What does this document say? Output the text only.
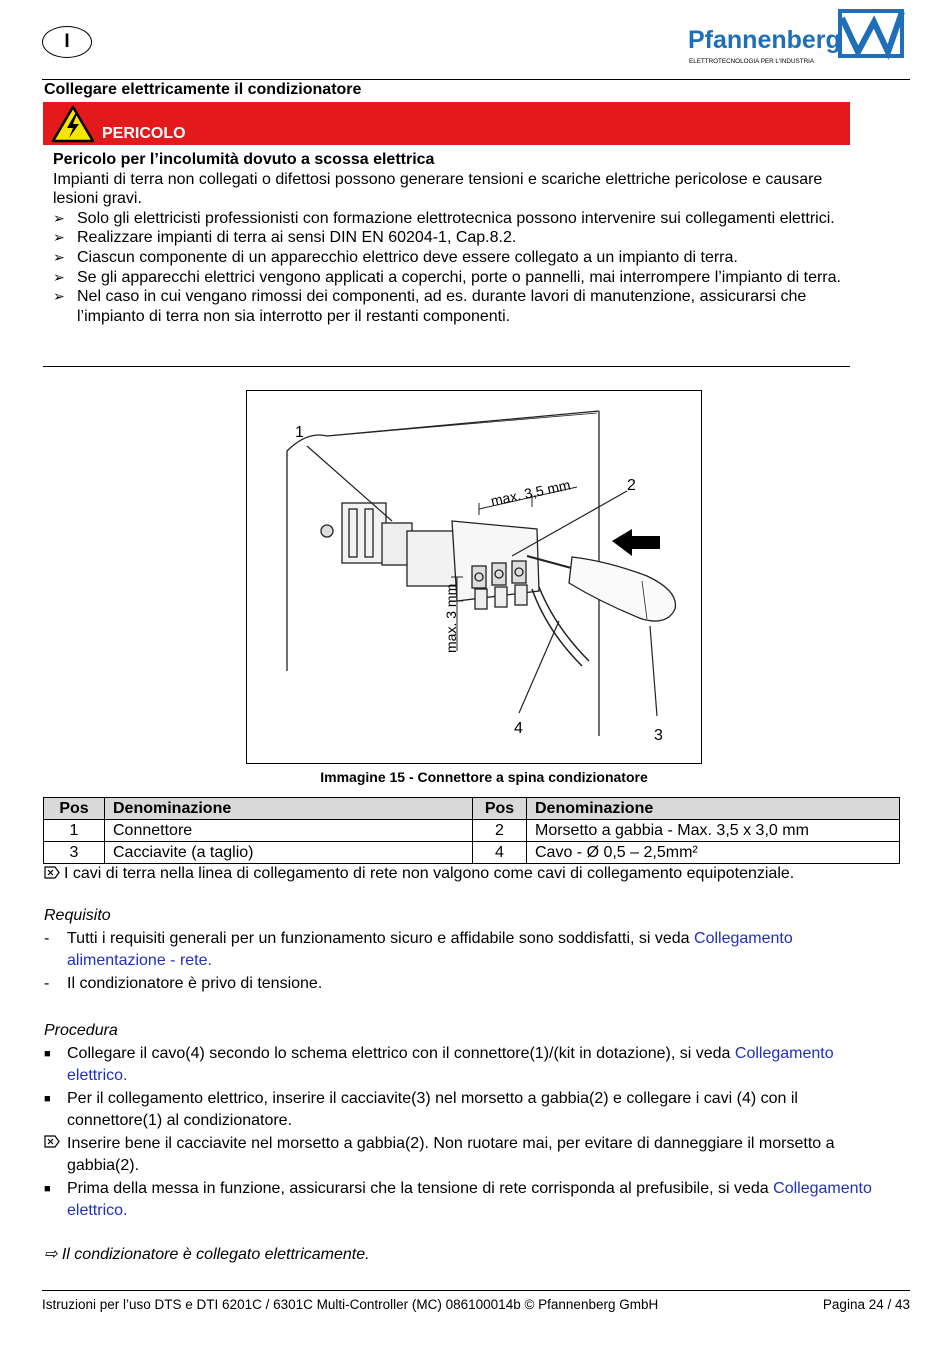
I	Pfannenberg
ELETTROTECNOLOGIA PER L'INDUSTRIA
Collegare elettricamente il condizionatore
PERICOLO
Pericolo per l’incolumità dovuto a scossa elettrica
Impianti di terra non collegati o difettosi possono generare tensioni e scariche elettriche pericolose e causare lesioni gravi.
➢ Solo gli elettricisti professionisti con formazione elettrotecnica possono intervenire sui collegamenti elettrici.
➢ Realizzare impianti di terra ai sensi DIN EN 60204-1, Cap.8.2.
➢ Ciascun componente di un apparecchio elettrico deve essere collegato a un impianto di terra.
➢ Se gli apparecchi elettrici vengono applicati a coperchi, porte o pannelli, mai interrompere l’impianto di terra.
➢ Nel caso in cui vengano rimossi dei componenti, ad es. durante lavori di manutenzione, assicurarsi che l’impianto di terra non sia interrotto per il restanti componenti.
1
2
3
4
max. 3,5 mm
max. 3 mm
Immagine 15 - Connettore a spina condizionatore
Pos	Denominazione	Pos	Denominazione
1	Connettore	2	Morsetto a gabbia - Max. 3,5 x 3,0 mm
3	Cacciavite (a taglio)	4	Cavo - Ø 0,5 – 2,5mm²
I cavi di terra nella linea di collegamento di rete non valgono come cavi di collegamento equipotenziale.
Requisito
- Tutti i requisiti generali per un funzionamento sicuro e affidabile sono soddisfatti, si veda Collegamento alimentazione - rete.
- Il condizionatore è privo di tensione.
Procedura
■ Collegare il cavo(4) secondo lo schema elettrico con il connettore(1)/(kit in dotazione), si veda Collegamento elettrico.
■ Per il collegamento elettrico, inserire il cacciavite(3) nel morsetto a gabbia(2) e collegare i cavi (4) con il connettore(1) al condizionatore.
Inserire bene il cacciavite nel morsetto a gabbia(2). Non ruotare mai, per evitare di danneggiare il morsetto a gabbia(2).
■ Prima della messa in funzione, assicurarsi che la tensione di rete corrisponda al prefusibile, si veda Collegamento elettrico.
⇨ Il condizionatore è collegato elettricamente.
Istruzioni per l’uso DTS e DTI 6201C / 6301C Multi-Controller (MC) 086100014b © Pfannenberg GmbH	Pagina 24 / 43
